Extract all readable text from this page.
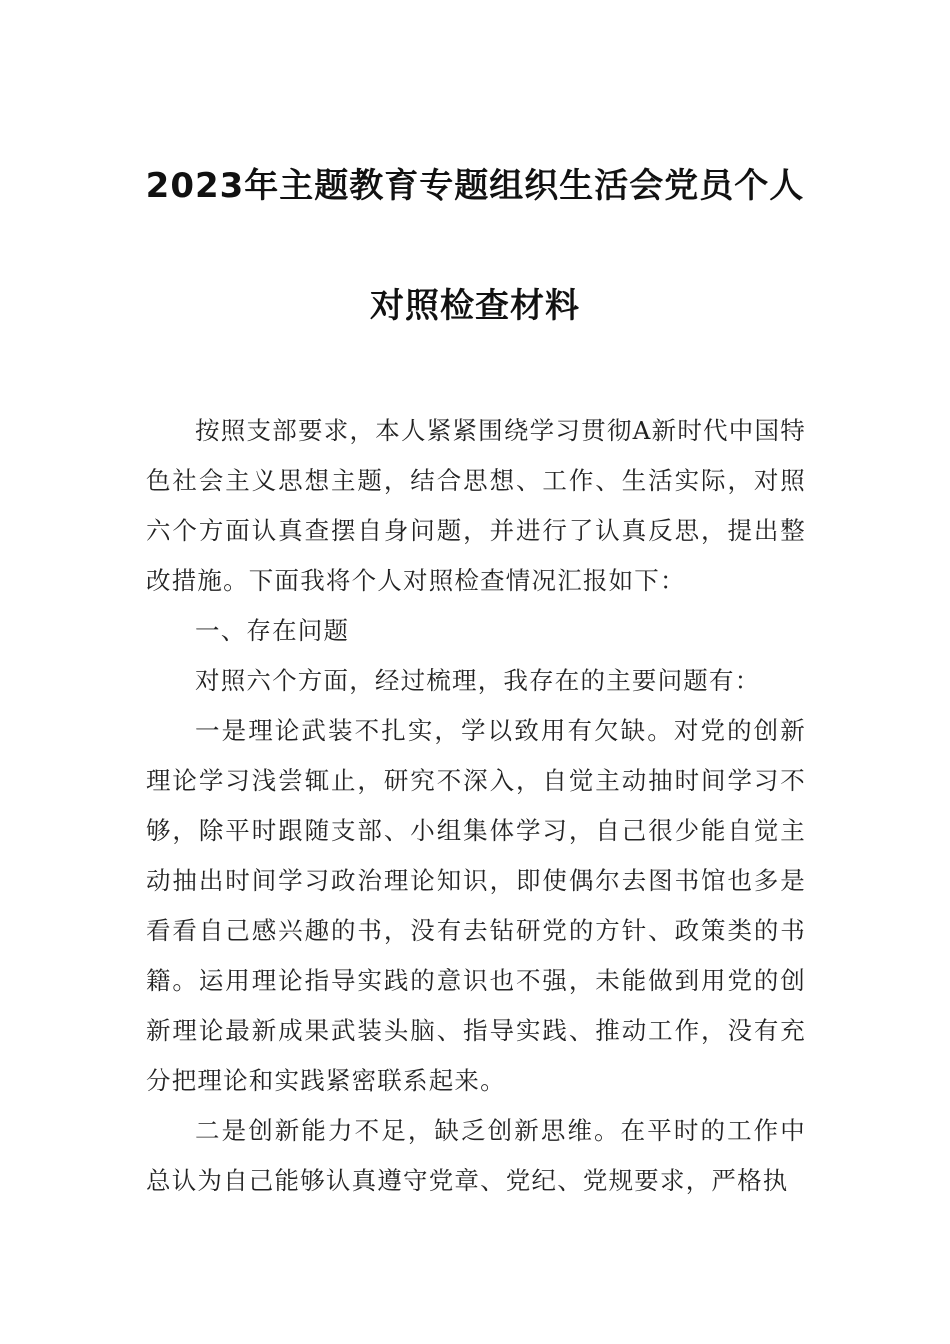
2023年主题教育专题组织生活会党员个人
对照检查材料

按照支部要求，本人紧紧围绕学习贯彻A新时代中国特色社会主义思想主题，结合思想、工作、生活实际，对照六个方面认真查摆自身问题，并进行了认真反思，提出整改措施。下面我将个人对照检查情况汇报如下：

一、存在问题

对照六个方面，经过梳理，我存在的主要问题有：

一是理论武装不扎实，学以致用有欠缺。对党的创新理论学习浅尝辄止，研究不深入，自觉主动抽时间学习不够，除平时跟随支部、小组集体学习，自己很少能自觉主动抽出时间学习政治理论知识，即使偶尔去图书馆也多是看看自己感兴趣的书，没有去钻研党的方针、政策类的书籍。运用理论指导实践的意识也不强，未能做到用党的创新理论最新成果武装头脑、指导实践、推动工作，没有充分把理论和实践紧密联系起来。

二是创新能力不足，缺乏创新思维。在平时的工作中总认为自己能够认真遵守党章、党纪、党规要求，严格执
